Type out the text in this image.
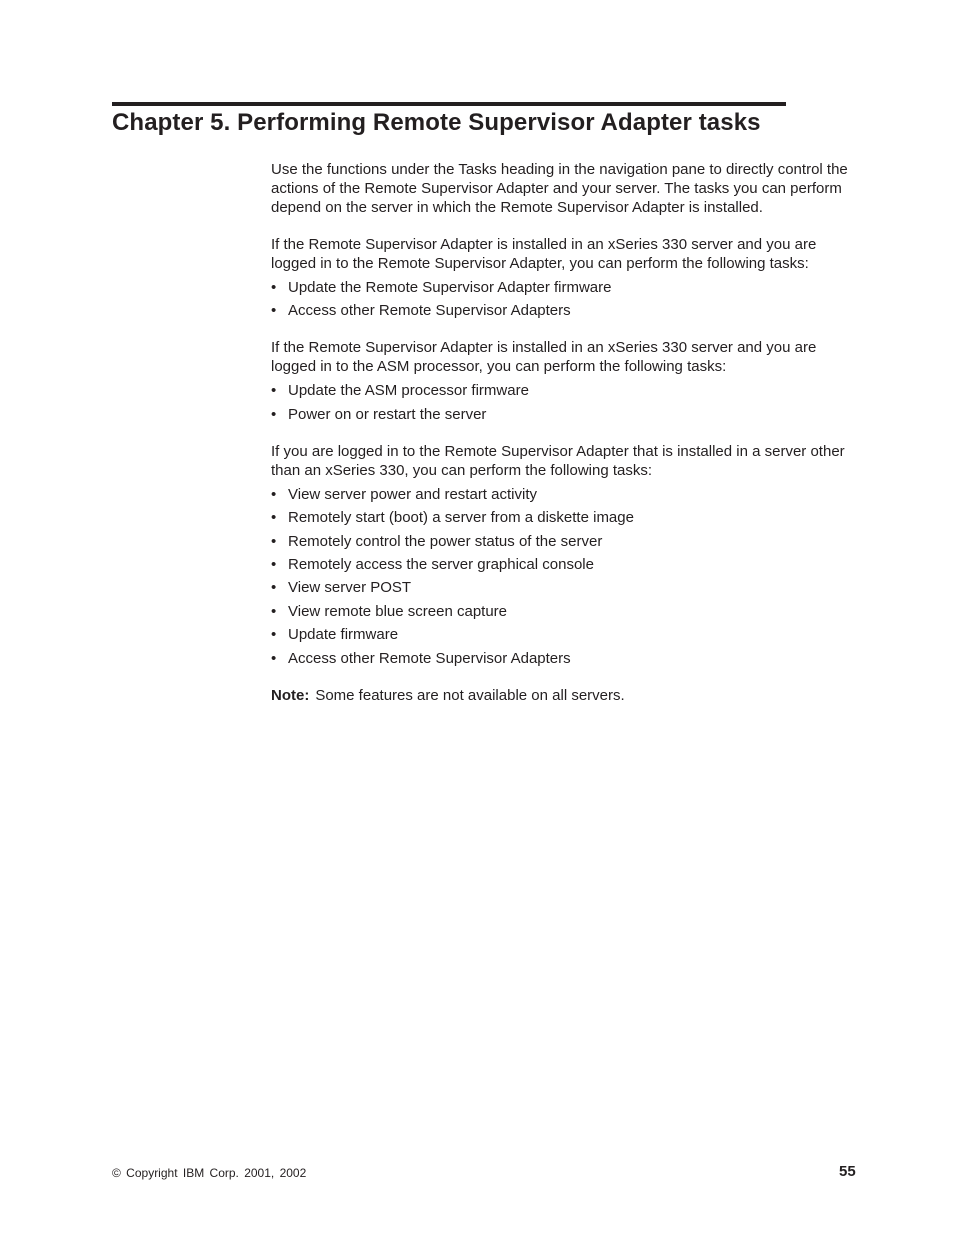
Chapter 5. Performing Remote Supervisor Adapter tasks

Use the functions under the Tasks heading in the navigation pane to directly control the actions of the Remote Supervisor Adapter and your server. The tasks you can perform depend on the server in which the Remote Supervisor Adapter is installed.

If the Remote Supervisor Adapter is installed in an xSeries 330 server and you are logged in to the Remote Supervisor Adapter, you can perform the following tasks:

• Update the Remote Supervisor Adapter firmware
• Access other Remote Supervisor Adapters

If the Remote Supervisor Adapter is installed in an xSeries 330 server and you are logged in to the ASM processor, you can perform the following tasks:

• Update the ASM processor firmware
• Power on or restart the server

If you are logged in to the Remote Supervisor Adapter that is installed in a server other than an xSeries 330, you can perform the following tasks:

• View server power and restart activity
• Remotely start (boot) a server from a diskette image
• Remotely control the power status of the server
• Remotely access the server graphical console
• View server POST
• View remote blue screen capture
• Update firmware
• Access other Remote Supervisor Adapters

Note: Some features are not available on all servers.

© Copyright IBM Corp. 2001, 2002	55
